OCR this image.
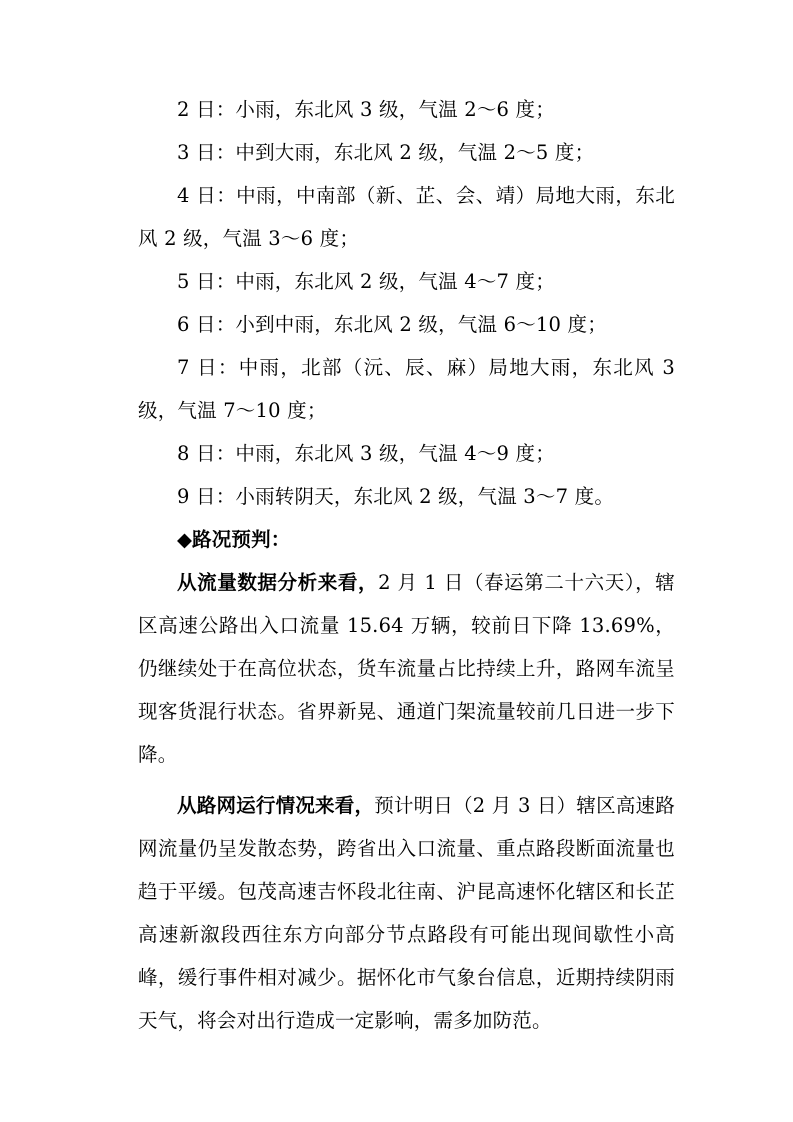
2 日：小雨，东北风 3 级，气温 2～6 度；

3 日：中到大雨，东北风 2 级，气温 2～5 度；

4 日：中雨，中南部（新、芷、会、靖）局地大雨，东北风 2 级，气温 3～6 度；

5 日：中雨，东北风 2 级，气温 4～7 度；

6 日：小到中雨，东北风 2 级，气温 6～10 度；

7 日：中雨，北部（沅、辰、麻）局地大雨，东北风 3 级，气温 7～10 度；

8 日：中雨，东北风 3 级，气温 4～9 度；

9 日：小雨转阴天，东北风 2 级，气温 3～7 度。

◆路况预判：

从流量数据分析来看，2 月 1 日（春运第二十六天），辖区高速公路出入口流量 15.64 万辆，较前日下降 13.69%，仍继续处于在高位状态，货车流量占比持续上升，路网车流呈现客货混行状态。省界新晃、通道门架流量较前几日进一步下降。

从路网运行情况来看，预计明日（2 月 3 日）辖区高速路网流量仍呈发散态势，跨省出入口流量、重点路段断面流量也趋于平缓。包茂高速吉怀段北往南、沪昆高速怀化辖区和长芷高速新溆段西往东方向部分节点路段有可能出现间歇性小高峰，缓行事件相对减少。据怀化市气象台信息，近期持续阴雨天气，将会对出行造成一定影响，需多加防范。
